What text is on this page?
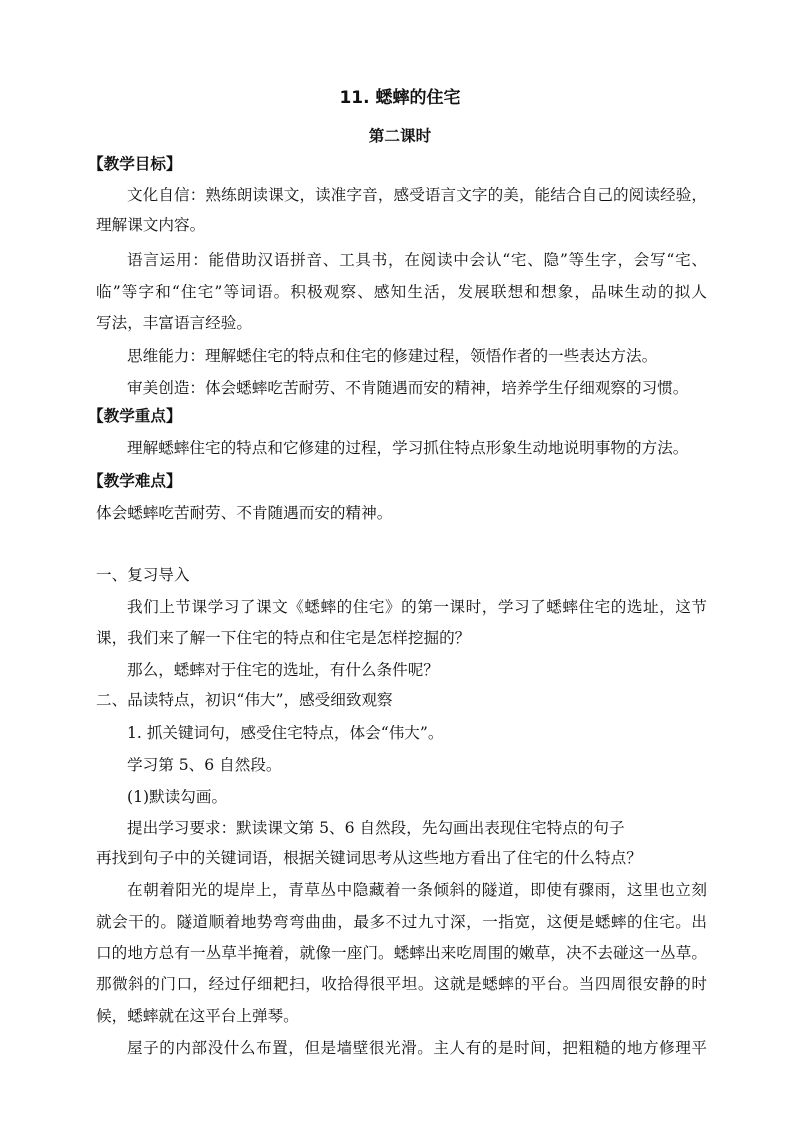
11. 蟋蟀的住宅

第二课时

【教学目标】

文化自信：熟练朗读课文，读准字音，感受语言文字的美，能结合自己的阅读经验，

理解课文内容。

语言运用：能借助汉语拼音、工具书，在阅读中会认“宅、隐”等生字，会写“宅、

临”等字和“住宅”等词语。积极观察、感知生活，发展联想和想象，品味生动的拟人

写法，丰富语言经验。

思维能力：理解蟋住宅的特点和住宅的修建过程，领悟作者的一些表达方法。

审美创造：体会蟋蟀吃苦耐劳、不肯随遇而安的精神，培养学生仔细观察的习惯。

【教学重点】

理解蟋蟀住宅的特点和它修建的过程，学习抓住特点形象生动地说明事物的方法。

【教学难点】

体会蟋蟀吃苦耐劳、不肯随遇而安的精神。

一、复习导入

我们上节课学习了课文《蟋蟀的住宅》的第一课时，学习了蟋蟀住宅的选址，这节

课，我们来了解一下住宅的特点和住宅是怎样挖掘的？

那么，蟋蟀对于住宅的选址，有什么条件呢？

二、品读特点，初识“伟大”，感受细致观察

1. 抓关键词句，感受住宅特点，体会“伟大”。

学习第 5、6 自然段。

(1)默读勾画。

提出学习要求：默读课文第 5、6 自然段，先勾画出表现住宅特点的句子

再找到句子中的关键词语，根据关键词思考从这些地方看出了住宅的什么特点？

在朝着阳光的堤岸上，青草丛中隐藏着一条倾斜的隧道，即使有骤雨，这里也立刻

就会干的。隧道顺着地势弯弯曲曲，最多不过九寸深，一指宽，这便是蟋蟀的住宅。出

口的地方总有一丛草半掩着，就像一座门。蟋蟀出来吃周围的嫩草，决不去碰这一丛草。

那微斜的门口，经过仔细耙扫，收拾得很平坦。这就是蟋蟀的平台。当四周很安静的时

候，蟋蟀就在这平台上弹琴。

屋子的内部没什么布置，但是墙壁很光滑。主人有的是时间，把粗糙的地方修理平
